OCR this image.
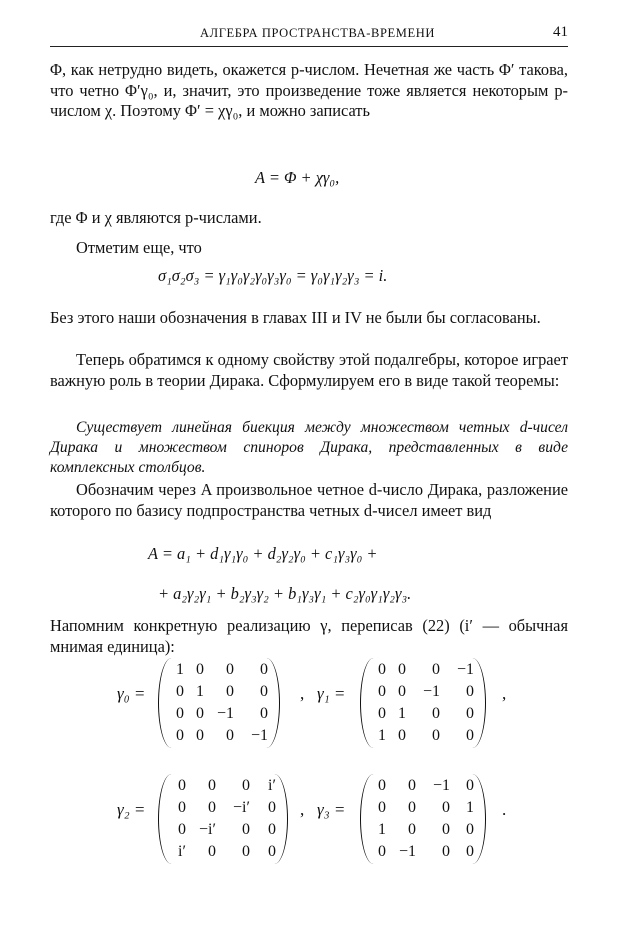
АЛГЕБРА ПРОСТРАНСТВА-ВРЕМЕНИ	41

Φ, как нетрудно видеть, окажется p-числом. Нечетная же часть Φ′ такова, что четно Φ′γ₀, и, значит, это произведение тоже является некоторым p-числом χ. Поэтому Φ′ = χγ₀, и можно записать

A = Φ + χγ₀,

где Φ и χ являются p-числами.

Отметим еще, что

σ₁σ₂σ₃ = γ₁γ₀γ₂γ₀γ₃γ₀ = γ₀γ₁γ₂γ₃ = i.

Без этого наши обозначения в главах III и IV не были бы согласованы.

Теперь обратимся к одному свойству этой подалгебры, которое играет важную роль в теории Дирака. Сформулируем его в виде такой теоремы:

Существует линейная биекция между множеством четных d-чисел Дирака и множеством спиноров Дирака, представленных в виде комплексных столбцов.

Обозначим через A произвольное четное d-число Дирака, разложение которого по базису подпространства четных d-чисел имеет вид

A = a₁ + d₁γ₁γ₀ + d₂γ₂γ₀ + c₁γ₃γ₀ +
+ a₂γ₂γ₁ + b₂γ₃γ₂ + b₁γ₃γ₁ + c₂γ₀γ₁γ₂γ₃.

Напомним конкретную реализацию γ, переписав (22) (i′ — обычная мнимая единица):

γ₀ =
1 0	0	0
0 1	0	0
0 0 −1	0
0 0	0	−1
, γ₁ =
0 0	0	−1
0 0	−1	0
0 1	0	0
1 0	0	0
,
γ₂ =
0	0	0	i′
0	0	−i′	0
0 −i′	0	0
i′	0	0	0
, γ₃ =
0	0	−1	0
0	0	0	1
1	0	0	0
0 −1	0	0
.
